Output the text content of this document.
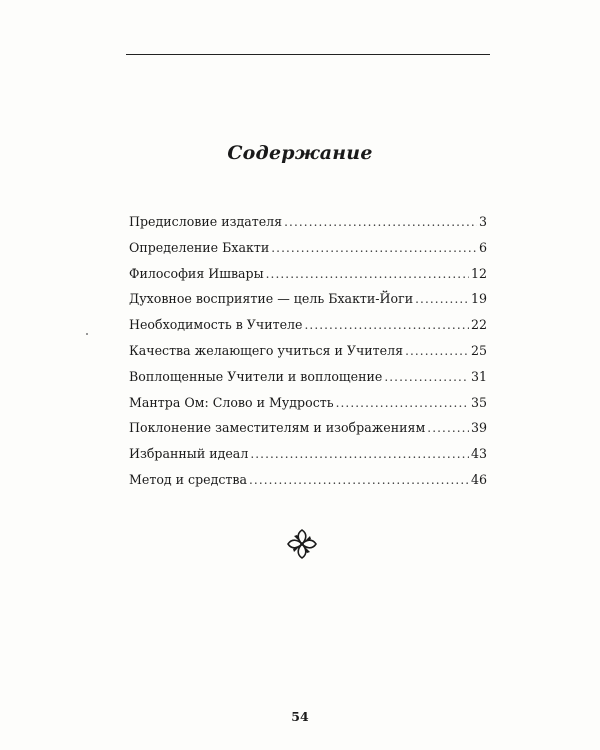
Содержание
Предисловие издателя .....	3
Определение Бхакти .....	6
Философия Ишвары .....	12
Духовное восприятие — цель Бхакти-Йоги .....	19
Необходимость в Учителе .....	22
Качества желающего учиться и Учителя .....	25
Воплощенные Учители и воплощение .....	31
Мантра Ом: Слово и Мудрость .....	35
Поклонение заместителям и изображениям .....	39
Избранный идеал .....	43
Метод и средства .....	46
54
